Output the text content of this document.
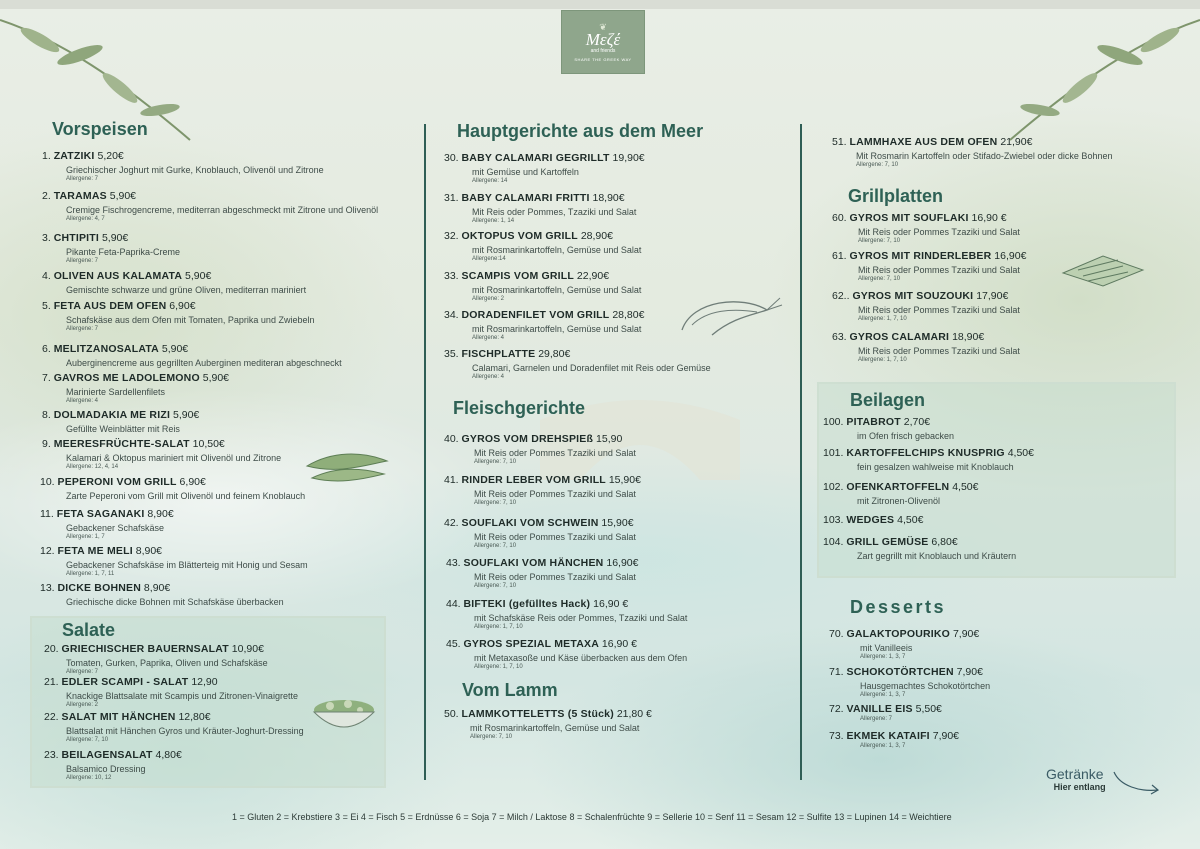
❦
Mεζέ
and friends
SHARE THE GREEK WAY
Vorspeisen
Salate
Hauptgerichte aus dem Meer
Fleischgerichte
Vom Lamm
Grillplatten
Beilagen
Desserts
1. ZATZIKI 5,20€
Griechischer Joghurt mit Gurke, Knoblauch, Olivenöl und Zitrone
Allergene: 7
2. TARAMAS 5,90€
Cremige Fischrogencreme, mediterran abgeschmeckt mit Zitrone und Olivenöl
Allergene: 4, 7
3. CHTIPITI 5,90€
Pikante Feta-Paprika-Creme
Allergene: 7
4. OLIVEN AUS KALAMATA 5,90€
Gemischte schwarze und grüne Oliven, mediterran mariniert
5. FETA AUS DEM OFEN 6,90€
Schafskäse aus dem Ofen mit Tomaten, Paprika und Zwiebeln
Allergene: 7
6. MELITZANOSALATA 5,90€
Auberginencreme aus gegrillten Auberginen mediteran abgeschneckt
7. GAVROS ME LADOLEMONO 5,90€
Marinierte Sardellenfilets
Allergene: 4
8. DOLMADAKIA ME RIZI 5,90€
Gefüllte Weinblätter mit Reis
9. MEERESFRÜCHTE-SALAT 10,50€
Kalamari & Oktopus mariniert mit Olivenöl und Zitrone
Allergene: 12, 4, 14
10. PEPERONI VOM GRILL 6,90€
Zarte Peperoni vom Grill mit Olivenöl und feinem Knoblauch
11. FETA SAGANAKI 8,90€
Gebackener Schafskäse
Allergene: 1, 7
12. FETA ME MELI 8,90€
Gebackener Schafskäse im Blätterteig mit Honig und Sesam
Allergene: 1, 7, 11
13. DICKE BOHNEN 8,90€
Griechische dicke Bohnen mit Schafskäse überbacken
20. GRIECHISCHER BAUERNSALAT 10,90€
Tomaten, Gurken, Paprika, Oliven und Schafskäse
Allergene: 7
21. EDLER SCAMPI - SALAT 12,90
Knackige Blattsalate mit Scampis und Zitronen-Vinaigrette
Allergene: 2
22. SALAT MIT HÄNCHEN 12,80€
Blattsalat mit Hänchen Gyros und Kräuter-Joghurt-Dressing
Allergene: 7, 10
23. BEILAGENSALAT 4,80€
Balsamico Dressing
Allergene: 10, 12
30. BABY CALAMARI GEGRILLT 19,90€
mit Gemüse und Kartoffeln
Allergene: 14
31. BABY CALAMARI FRITTI 18,90€
Mit Reis oder Pommes, Tzaziki und Salat
Allergene: 1, 14
32. OKTOPUS VOM GRILL 28,90€
mit Rosmarinkartoffeln, Gemüse und Salat
Allergene:14
33. SCAMPIS VOM GRILL 22,90€
mit Rosmarinkartoffeln, Gemüse und Salat
Allergene: 2
34. DORADENFILET VOM GRILL 28,80€
mit Rosmarinkartoffeln, Gemüse und Salat
Allergene: 4
35. FISCHPLATTE 29,80€
Calamari, Garnelen und Doradenfilet mit Reis oder Gemüse
Allergene: 4
40. GYROS VOM DREHSPIEß 15,90
Mit Reis oder Pommes Tzaziki und Salat
Allergene: 7, 10
41. RINDER LEBER VOM GRILL 15,90€
Mit Reis oder Pommes Tzaziki und Salat
Allergene: 7, 10
42. SOUFLAKI VOM SCHWEIN 15,90€
Mit Reis oder Pommes Tzaziki und Salat
Allergene: 7, 10
43. SOUFLAKI VOM HÄNCHEN 16,90€
Mit Reis oder Pommes Tzaziki und Salat
Allergene: 7, 10
44. BIFTEKI (gefülltes Hack) 16,90 €
mit Schafskäse Reis oder Pommes, Tzaziki und Salat
Allergene: 1, 7, 10
45. GYROS SPEZIAL METAXA 16,90 €
mit Metaxasoße und Käse überbacken aus dem Ofen
Allergene: 1, 7, 10
50. LAMMKOTTELETTS (5 Stück) 21,80 €
mit Rosmarinkartoffeln, Gemüse und Salat
Allergene: 7, 10
51. LAMMHAXE AUS DEM OFEN 21,90€
Mit Rosmarin Kartoffeln oder Stifado-Zwiebel oder dicke Bohnen
Allergene: 7, 10
60. GYROS MIT SOUFLAKI 16,90 €
Mit Reis oder Pommes Tzaziki und Salat
Allergene: 7, 10
61. GYROS MIT RINDERLEBER 16,90€
Mit Reis oder Pommes Tzaziki und Salat
Allergene: 7, 10
62.. GYROS MIT SOUZOUKI 17,90€
Mit Reis oder Pommes Tzaziki und Salat
Allergene: 1, 7, 10
63. GYROS CALAMARI 18,90€
Mit Reis oder Pommes Tzaziki und Salat
Allergene: 1, 7, 10
100. PITABROT 2,70€
im Ofen frisch gebacken
101. KARTOFFELCHIPS KNUSPRIG 4,50€
fein gesalzen wahlweise mit Knoblauch
102. OFENKARTOFFELN 4,50€
mit Zitronen-Olivenöl
103. WEDGES 4,50€
104. GRILL GEMÜSE 6,80€
Zart gegrillt mit Knoblauch und Kräutern
70. GALAKTOPOURIKO 7,90€
mit Vanilleeis
Allergene: 1, 3, 7
71. SCHOKOTÖRTCHEN 7,90€
Hausgemachtes Schokotörtchen
Allergene: 1, 3, 7
72. VANILLE EIS 5,50€
Allergene: 7
73. EKMEK KATAIFI 7,90€
Allergene: 1, 3, 7
1 = Gluten 2 = Krebstiere 3 = Ei 4 = Fisch 5 = Erdnüsse 6 = Soja 7 = Milch / Laktose 8 = Schalenfrüchte 9 = Sellerie 10 = Senf 11 = Sesam 12 = Sulfite 13 = Lupinen 14 = Weichtiere
Getränke
Hier entlang
